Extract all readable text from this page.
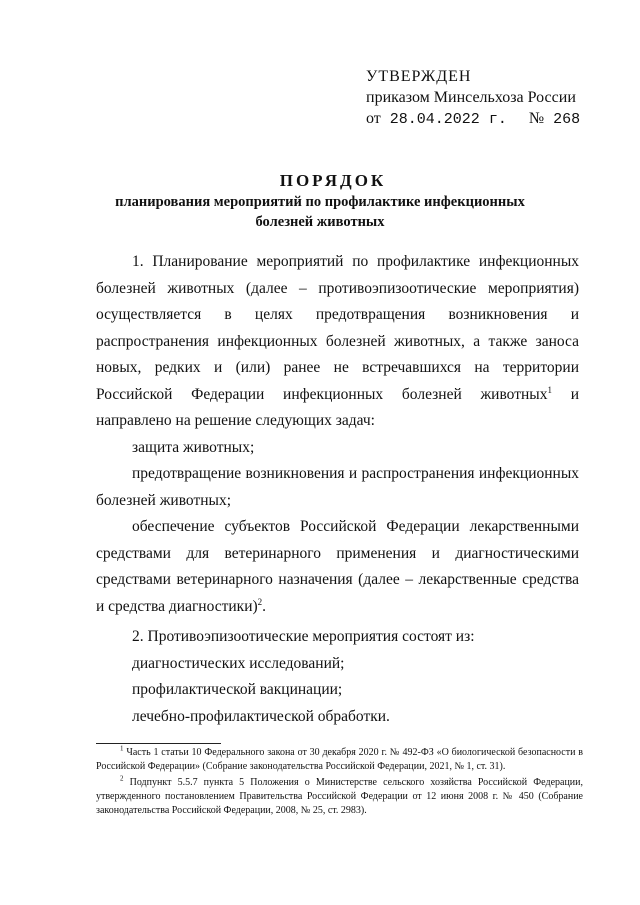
УТВЕРЖДЕН
приказом Минсельхоза России
от 28.04.2022 г. № 268
ПОРЯДОК
планирования мероприятий по профилактике инфекционных
болезней животных

1. Планирование мероприятий по профилактике инфекционных болезней животных (далее – противоэпизоотические мероприятия) осуществляется в целях предотвращения возникновения и распространения инфекционных болезней животных, а также заноса новых, редких и (или) ранее не встречавшихся на территории Российской Федерации инфекционных болезней животных$^1$ и направлено на решение следующих задач:

защита животных;

предотвращение возникновения и распространения инфекционных болезней животных;

обеспечение субъектов Российской Федерации лекарственными средствами для ветеринарного применения и диагностическими средствами ветеринарного назначения (далее – лекарственные средства и средства диагностики)$^2$.

2. Противоэпизоотические мероприятия состоят из:

диагностических исследований;

профилактической вакцинации;

лечебно-профилактической обработки.

$^1$ Часть 1 статьи 10 Федерального закона от 30 декабря 2020 г. № 492-ФЗ «О биологической безопасности в Российской Федерации» (Собрание законодательства Российской Федерации, 2021, № 1, ст. 31).

$^2$ Подпункт 5.5.7 пункта 5 Положения о Министерстве сельского хозяйства Российской Федерации, утвержденного постановлением Правительства Российской Федерации от 12 июня 2008 г. № 450 (Собрание законодательства Российской Федерации, 2008, № 25, ст. 2983).
